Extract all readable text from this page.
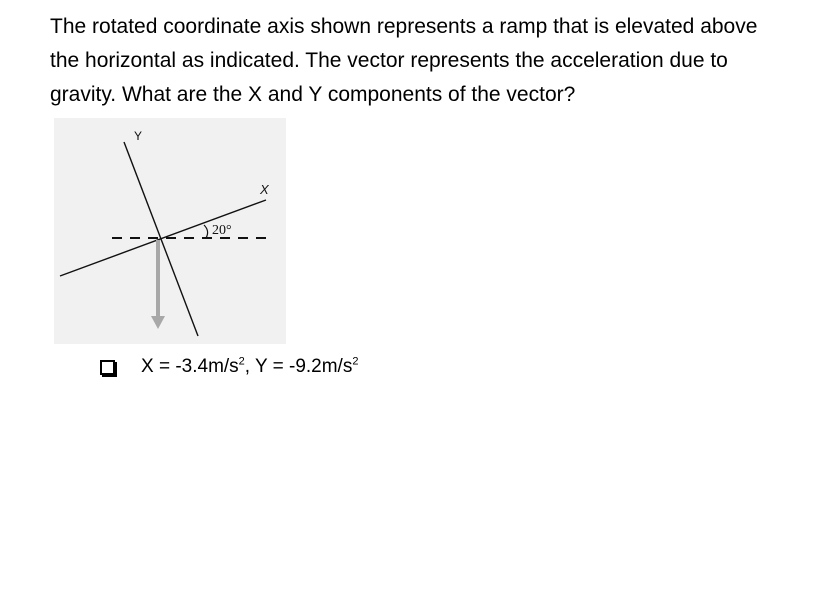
The rotated coordinate axis shown represents a ramp that is elevated above the horizontal as indicated. The vector represents the acceleration due to gravity. What are the X and Y components of the vector?

Y
X
20°
$X = -3.4m/s^2$, $Y = -9.2m/s^2$
